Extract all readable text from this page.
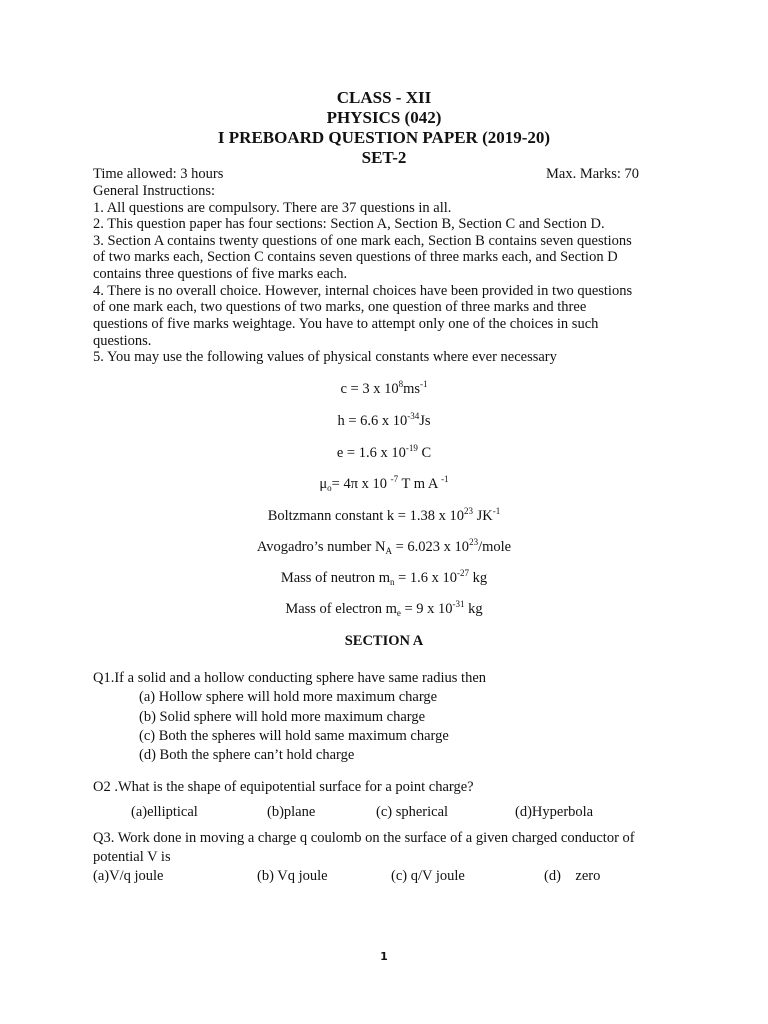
CLASS - XII
PHYSICS (042)
I PREBOARD QUESTION PAPER (2019-20)
SET-2
Time allowed: 3 hours	Max. Marks: 70
General Instructions:
1. All questions are compulsory. There are 37 questions in all.
2. This question paper has four sections: Section A, Section B, Section C and Section D.
3. Section A contains twenty questions of one mark each, Section B contains seven questions
of two marks each, Section C contains seven questions of three marks each, and Section D
contains three questions of five marks each.
4. There is no overall choice. However, internal choices have been provided in two questions
of one mark each, two questions of two marks, one question of three marks and three
questions of five marks weightage. You have to attempt only one of the choices in such
questions.
5. You may use the following values of physical constants where ever necessary
c = 3 x $10^8ms^{-1}$
h = 6.6 x $10^{-34}Js$
e = 1.6 x $10^{-19}$ C
$\mu_o= 4\pi$ x 10 $^{-7}$ T m A $^{-1}$
Boltzmann constant k = 1.38 x $10^{23}$ $JK^{-1}$
Avogadro’s number $N_A = 6.023$ x $10^{23}$/mole
Mass of neutron $m_n = 1.6$ x $10^{-27}$ kg
Mass of electron $m_e = 9$ x $10^{-31}$ kg
SECTION A
Q1.If a solid and a hollow conducting sphere have same radius then
(a) Hollow sphere will hold more maximum charge
(b) Solid sphere will hold more maximum charge
(c) Both the spheres will hold same maximum charge
(d) Both the sphere can’t hold charge
O2 .What is the shape of equipotential surface for a point charge?
(a)elliptical	(b)plane	(c) spherical	(d)Hyperbola
Q3. Work done in moving a charge q coulomb on the surface of a given charged conductor of
potential V is
(a)V/q joule	(b) Vq joule	(c) q/V joule	(d)    zero
1
